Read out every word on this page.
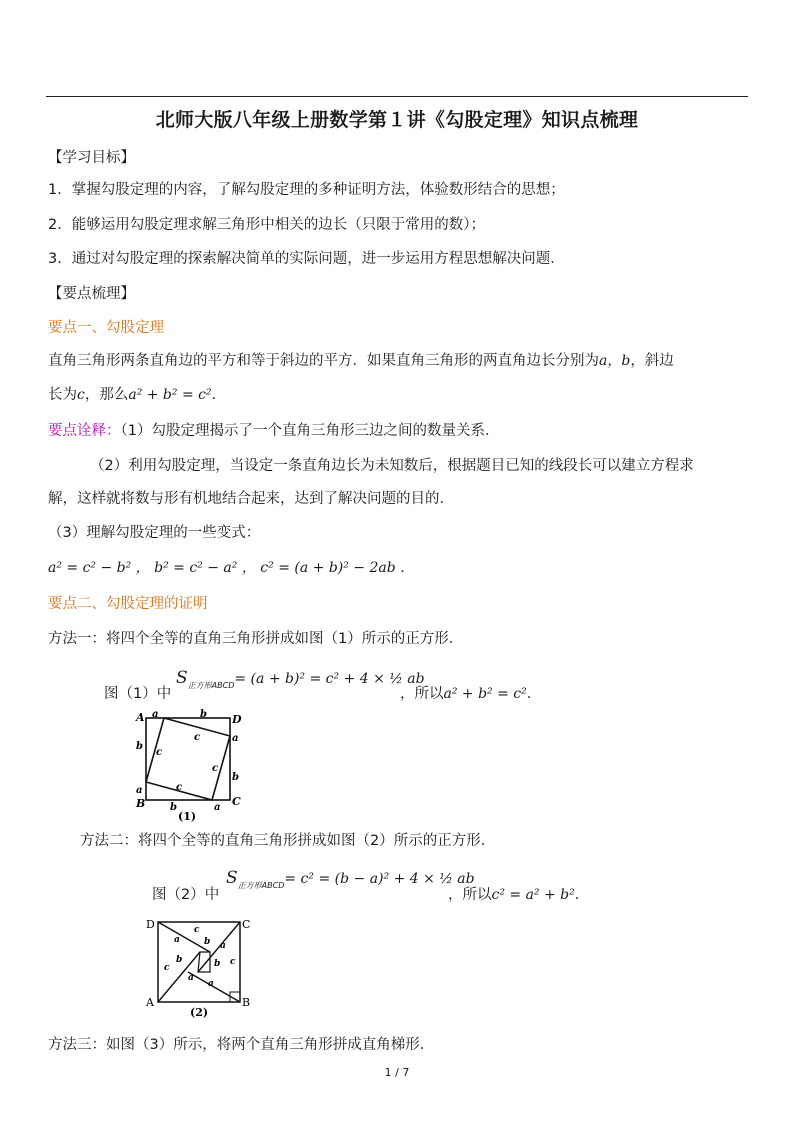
北师大版八年级上册数学第１讲《勾股定理》知识点梳理
【学习目标】
1．掌握勾股定理的内容，了解勾股定理的多种证明方法，体验数形结合的思想；
2．能够运用勾股定理求解三角形中相关的边长（只限于常用的数）；
3．通过对勾股定理的探索解决简单的实际问题，进一步运用方程思想解决问题．
【要点梳理】
要点一、勾股定理
直角三角形两条直角边的平方和等于斜边的平方．如果直角三角形的两直角边长分别为a，b，斜边
长为c，那么a² + b² = c²．
要点诠释：（1）勾股定理揭示了一个直角三角形三边之间的数量关系．
（2）利用勾股定理，当设定一条直角边长为未知数后，根据题目已知的线段长可以建立方程求
解，这样就将数与形有机地结合起来，达到了解决问题的目的．
（3）理解勾股定理的一些变式：
a² = c² − b² ， b² = c² − a² ， c² = (a + b)² − 2ab ．
要点二、勾股定理的证明
方法一：将四个全等的直角三角形拼成如图（1）所示的正方形．
图（1）中
$S_{正方形ABCD}= (a + b)^2 = c^2 + 4$ × ½ ab
，所以a² + b² = c²．
A	D
B	C
a	b
a
b
a
b
a
b
c
c
c
c
(1)
方法二：将四个全等的直角三角形拼成如图（2）所示的正方形．
图（2）中
$S_{正方形ABCD}= c^2 = (b - a)^2 + 4$ × ½ ab
，所以c² = a² + b²．
D	C
A	B
a	b
c
a
b c
b
a
c
a
(2)
方法三：如图（3）所示，将两个直角三角形拼成直角梯形．
1 / 7
